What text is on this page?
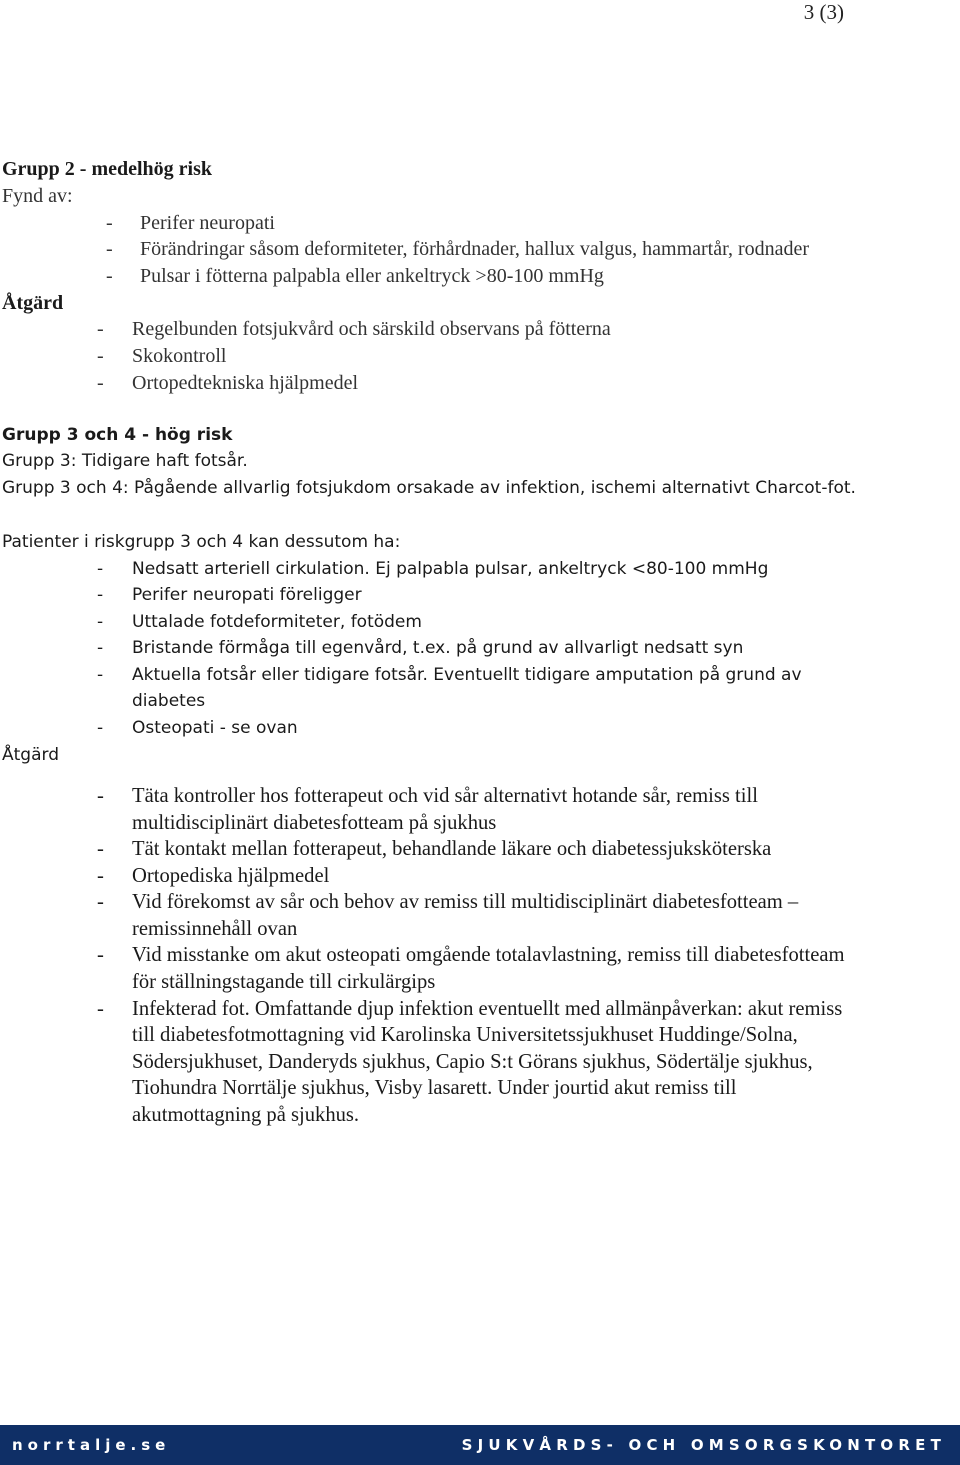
3 (3)
Grupp 2 - medelhög risk
Fynd av:
- Perifer neuropati
- Förändringar såsom deformiteter, förhårdnader, hallux valgus, hammartår, rodnader
- Pulsar i fötterna palpabla eller ankeltryck >80-100 mmHg
Åtgärd
- Regelbunden fotsjukvård och särskild observans på fötterna
- Skokontroll
- Ortopedtekniska hjälpmedel
Grupp 3 och 4 - hög risk
Grupp 3: Tidigare haft fotsår.
Grupp 3 och 4: Pågående allvarlig fotsjukdom orsakade av infektion, ischemi alternativt Charcot-fot.
Patienter i riskgrupp 3 och 4 kan dessutom ha:
- Nedsatt arteriell cirkulation. Ej palpabla pulsar, ankeltryck <80-100 mmHg
- Perifer neuropati föreligger
- Uttalade fotdeformiteter, fotödem
- Bristande förmåga till egenvård, t.ex. på grund av allvarligt nedsatt syn
- Aktuella fotsår eller tidigare fotsår. Eventuellt tidigare amputation på grund av
diabetes
- Osteopati - se ovan
Åtgärd
- Täta kontroller hos fotterapeut och vid sår alternativt hotande sår, remiss till
multidisciplinärt diabetesfotteam på sjukhus
- Tät kontakt mellan fotterapeut, behandlande läkare och diabetessjuksköterska
- Ortopediska hjälpmedel
- Vid förekomst av sår och behov av remiss till multidisciplinärt diabetesfotteam –
remissinnehåll ovan
- Vid misstanke om akut osteopati omgående totalavlastning, remiss till diabetesfotteam
för ställningstagande till cirkulärgips
- Infekterad fot. Omfattande djup infektion eventuellt med allmänpåverkan: akut remiss
till diabetesfotmottagning vid Karolinska Universitetssjukhuset Huddinge/Solna,
Södersjukhuset, Danderyds sjukhus, Capio S:t Görans sjukhus, Södertälje sjukhus,
Tiohundra Norrtälje sjukhus, Visby lasarett. Under jourtid akut remiss till
akutmottagning på sjukhus.
norrtalje.se	SJUKVÅRDS- OCH OMSORGSKONTORET
